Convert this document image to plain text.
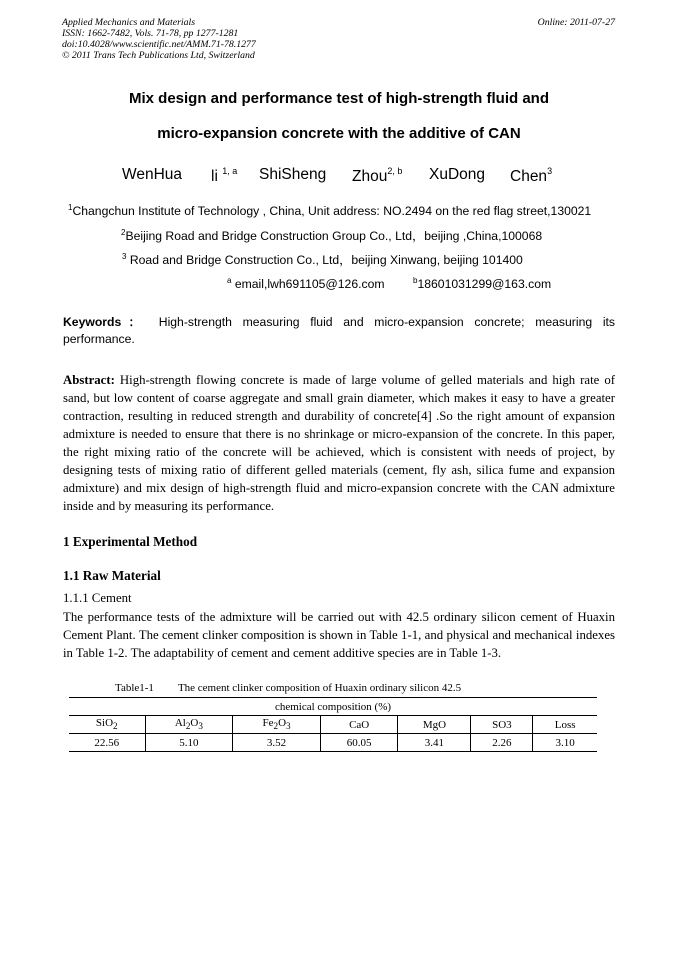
Applied Mechanics and Materials
ISSN: 1662-7482, Vols. 71-78, pp 1277-1281
doi:10.4028/www.scientific.net/AMM.71-78.1277
© 2011 Trans Tech Publications Ltd, Switzerland
Online: 2011-07-27
Mix design and performance test of high-strength fluid and
micro-expansion concrete with the additive of CAN
WenHua li $^{1, a}$ ShiSheng Zhou$^{2, b}$ XuDong Chen$^3$
$^1$Changchun Institute of Technology , China, Unit address: NO.2494 on the red flag street,130021
$^2$Beijing Road and Bridge Construction Group Co., Ltd，beijing ,China,100068
$^3$ Road and Bridge Construction Co., Ltd，beijing Xinwang, beijing 101400
$^a$ email,lwh691105@126.com	$^b$18601031299@163.com
Keywords： High-strength measuring fluid and micro-expansion concrete; measuring its performance.
Abstract: High-strength flowing concrete is made of large volume of gelled materials and high rate of sand, but low content of coarse aggregate and small grain diameter, which makes it easy to have a greater contraction, resulting in reduced strength and durability of concrete[4] .So the right amount of expansion admixture is needed to ensure that there is no shrinkage or micro-expansion of the concrete. In this paper, the right mixing ratio of the concrete will be achieved, which is consistent with needs of project, by designing tests of mixing ratio of different gelled materials (cement, fly ash, silica fume and expansion admixture) and mix design of high-strength fluid and micro-expansion concrete with the CAN admixture inside and by measuring its performance.
1 Experimental Method
1.1 Raw Material
1.1.1 Cement
The performance tests of the admixture will be carried out with 42.5 ordinary silicon cement of Huaxin Cement Plant. The cement clinker composition is shown in Table 1-1, and physical and mechanical indexes in Table 1-2. The adaptability of cement and cement additive species are in Table 1-3.
Table1-1 The cement clinker composition of Huaxin ordinary silicon 42.5
chemical composition (%)						
SiO$_2$	$Al_2O_3$	$Fe_2O_3$	CaO	MgO	SO3	Loss
22.56	5.10	3.52	60.05	3.41	2.26	3.10
